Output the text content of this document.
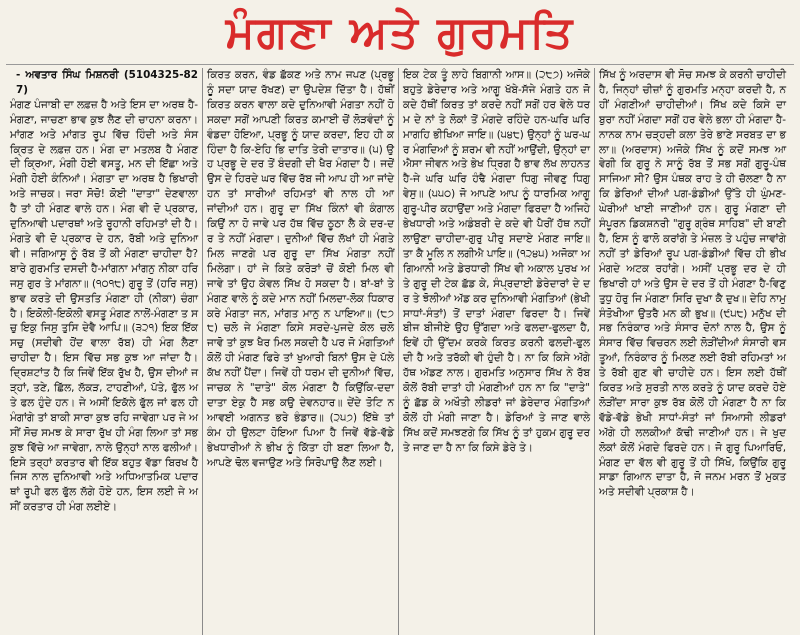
ਮੰਗਣਾ ਅਤੇ ਗੁਰਮਤਿ
- ਅਵਤਾਰ ਸਿੰਘ ਮਿਸ਼ਨਰੀ (5104325-827)
ਮੰਗਣ ਪੰਜਾਬੀ ਦਾ ਲਫ਼ਜ਼ ਹੈ ਅਤੇ ਇਸ ਦਾ ਅਰਥ ਹੈ-ਮੰਗਣਾ, ਜਾਚਣਾ ਭਾਵ ਕੁਝ ਲੈਣ ਦੀ ਚਾਹਨਾ ਕਰਨਾ। ਮਾਂਗਣ ਅਤੇ ਮਾਂਗਤ ਰੂਪ ਵਿੱਚ ਹਿੰਦੀ ਅਤੇ ਸੰਸਕ੍ਰਿਤ ਦੇ ਲਫ਼ਜ਼ ਹਨ। ਮੰਗ ਦਾ ਮਤਲਬ ਹੈ ਮੰਗਣ ਦੀ ਕ੍ਰਿਆ, ਮੰਗੀ ਹੋਈ ਵਸਤੂ, ਮਨ ਦੀ ਇੱਛਾ ਅਤੇ ਮੰਗੀ ਹੋਈ ਕੰਨਿਆਂ। ਮੰਗਤਾ ਦਾ ਅਰਥ ਹੈ ਭਿਖਾਰੀ ਅਤੇ ਜਾਚਕ। ਜਰਾ ਸੋਚੋ! ਕੋਈ "ਦਾਤਾ" ਦੇਣਵਾਲਾ ਹੈ ਤਾਂ ਹੀ ਮੰਗਣ ਵਾਲੇ ਹਨ। ਮੰਗ ਵੀ ਦੋ ਪ੍ਰਕਾਰ, ਦੁਨਿਆਵੀ ਪਦਾਰਥਾਂ ਅਤੇ ਰੂਹਾਨੀ ਰਹਿਮਤਾਂ ਦੀ ਹੈ। ਮੰਗਤੇ ਵੀ ਦੋ ਪ੍ਰਕਾਰ ਦੇ ਹਨ, ਰੱਬੀ ਅਤੇ ਦੁਨਿਆਵੀ। ਜਗਿਆਸੂ ਨੂੰ ਰੱਬ ਤੋਂ ਕੀ ਮੰਗਣਾ ਚਾਹੀਦਾ ਹੈ? ਬਾਰੇ ਗੁਰਮਤਿ ਦਸਦੀ ਹੈ-ਮਾਂਗਨਾ ਮਾਂਗਨੁ ਨੀਕਾ ਹਰਿ ਜਸੁ ਗੁਰ ਤੇ ਮਾਂਗਨਾ॥ (੧੦੧੮) ਗੁਰੂ ਤੋਂ (ਹਰਿ ਜਸੁ) ਭਾਵ ਕਰਤੇ ਦੀ ਉਸਤਤਿ ਮੰਗਣਾ ਹੀ (ਨੀਕਾ) ਚੰਗਾ ਹੈ। ਇਕੋਲੀ-ਇਕੋਲੀ ਵਸਤੂ ਮੰਗਣ ਨਾਲੋਂ-ਮੰਗਣਾ ਤ ਸਚੁ ਇਕੁ ਜਿਸੁ ਤੁਸਿ ਦੇਵੈ ਆਪਿ॥ (੩੨੧) ਇਕ ਇੱਕ ਸਚੁ (ਸਦੀਵੀ ਹੋਂਦ ਵਾਲਾ ਰੱਬ) ਹੀ ਮੰਗ ਲੈਣਾ ਚਾਹੀਦਾ ਹੈ। ਇਸ ਵਿੱਚ ਸਭ ਕੁਝ ਆ ਜਾਂਦਾ ਹੈ। ਦ੍ਰਿਸ਼ਟਾਂਤ ਹੈ ਕਿ ਜਿਵੇਂ ਇੱਕ ਰੁੱਖ ਹੈ, ਉਸ ਦੀਆਂ ਜੜ੍ਹਾਂ, ਤਣੇ, ਛਿੱਲ, ਲੱਕੜ, ਟਾਹਣੀਆਂ, ਪੱਤੇ, ਫੁੱਲ ਅਤੇ ਫਲ ਹੁੰਦੇ ਹਨ। ਜੇ ਅਸੀਂ ਇਕੱਲੇ ਫੁੱਲ ਜਾਂ ਫਲ ਹੀ ਮੰਗਾਂਗੇ ਤਾਂ ਬਾਕੀ ਸਾਰਾ ਕੁਝ ਰਹਿ ਜਾਵੇਗਾ ਪਰ ਜੇ ਅਸੀਂ ਸੋਚ ਸਮਝ ਕੇ ਸਾਰਾ ਰੁੱਖ ਹੀ ਮੰਗ ਲਿਆ ਤਾਂ ਸਭ ਕੁਝ ਵਿੱਚੇ ਆ ਜਾਵੇਗਾ, ਨਾਲੇ ਉਨ੍ਹਾਂ ਨਾਲ ਫਲੀਆਂ। ਇਸੇ ਤਰ੍ਹਾਂ ਕਰਤਾਰ ਵੀ ਇੱਕ ਬਹੁਤ ਵੱਡਾ ਬਿਰਖ ਹੈ ਜਿਸ ਨਾਲ ਦੁਨਿਆਵੀ ਅਤੇ ਅਧਿਆਤਮਿਕ ਪਦਾਰਥਾਂ ਰੂਪੀ ਫਲ ਫੁੱਲ ਲੱਗੇ ਹੋਏ ਹਨ, ਇਸ ਲਈ ਜੇ ਅਸੀਂ ਕਰਤਾਰ ਹੀ ਮੰਗ ਲਈਏ।
ਕਿਰਤ ਕਰਨ, ਵੰਡ ਛੱਕਣ ਅਤੇ ਨਾਮ ਜਪਣ (ਪ੍ਰਭੂ ਨੂੰ ਸਦਾ ਯਾਦ ਰੱਖਣ) ਦਾ ਉਪਦੇਸ਼ ਦਿੱਤਾ ਹੈ। ਹੱਥੀਂ ਕਿਰਤ ਕਰਨ ਵਾਲਾ ਕਦੇ ਦੁਨਿਆਵੀ ਮੰਗਤਾ ਨਹੀਂ ਹੋ ਸਕਦਾ ਸਗੋਂ ਆਪਣੀ ਕਿਰਤ ਕਮਾਈ ਚੋਂ ਲੋੜਵੰਦਾਂ ਨੂੰ ਵੰਡਦਾ ਹੋਇਆ, ਪ੍ਰਭੂ ਨੂੰ ਯਾਦ ਕਰਦਾ, ਇਹ ਹੀ ਕਹਿੰਦਾ ਹੈ ਕਿ-ਏਹਿ ਭਿ ਦਾਤਿ ਤੇਰੀ ਦਾਤਾਰ॥ (੫) ਉਹ ਪ੍ਰਭੂ ਦੇ ਦਰ ਤੋਂ ਬੰਦਗੀ ਦੀ ਖੈਰ ਮੰਗਦਾ ਹੈ। ਜਦੋਂ ਉਸ ਦੇ ਹਿਰਦੇ ਘਰ ਵਿੱਚ ਰੱਬ ਜੀ ਆਪ ਹੀ ਆ ਜਾਂਦੇ ਹਨ ਤਾਂ ਸਾਰੀਆਂ ਰਹਿਮਤਾਂ ਵੀ ਨਾਲ ਹੀ ਆ ਜਾਂਦੀਆਂ ਹਨ। ਗੁਰੂ ਦਾ ਸਿੱਖ ਕਿੰਨਾਂ ਵੀ ਕੰਗਾਲ ਕਿਉਂ ਨਾ ਹੋ ਜਾਵੇ ਪਰ ਹੱਥ ਵਿੱਚ ਠੂਠਾ ਲੈ ਕੇ ਦਰ-ਦਰ ਤੇ ਨਹੀਂ ਮੰਗਦਾ। ਦੁਨੀਆਂ ਵਿੱਚ ਲੱਖਾਂ ਹੀ ਮੰਗਤੇ ਮਿਲ ਜਾਣਗੇ ਪਰ ਗੁਰੂ ਦਾ ਸਿੱਖ ਮੰਗਤਾ ਨਹੀਂ ਮਿਲੇਗਾ। ਹਾਂ ਜੇ ਕਿਤੇ ਕਰੋੜਾਂ ਚੋਂ ਕੋਈ ਮਿਲ ਵੀ ਜਾਵੇ ਤਾਂ ਉਹ ਕੇਵਲ ਸਿੱਖ ਹੋ ਸਕਦਾ ਹੈ। ਬਾਂ-ਬਾਂ ਤੇ ਮੰਗਣ ਵਾਲੇ ਨੂੰ ਕਦੇ ਮਾਨ ਨਹੀਂ ਮਿਲਦਾ-ਲੋਕ ਧਿਕਾਰ ਕਰੇ ਮੰਗਤਾ ਜਨ, ਮਾਂਗਤ ਮਾਨੁ ਨ ਪਾਇਆ॥ (੮੭੮) ਚਲੋ ਜੇ ਮੰਗਣਾ ਕਿਸੇ ਸਰਦੇ-ਪੁਜਦੇ ਕੋਲ ਚਲੋ ਜਾਵੋ ਤਾਂ ਕੁਝ ਖੈਰ ਮਿਲ ਸਕਦੀ ਹੈ ਪਰ ਜੋ ਮੰਗਤਿਆਂ ਕੋਲੋਂ ਹੀ ਮੰਗਣ ਫਿਰੇ ਤਾਂ ਖੁਆਰੀ ਬਿਨਾਂ ਉਸ ਦੇ ਪੱਲੇ ਕੱਖ ਨਹੀਂ ਪੈਂਦਾ। ਜਿਵੇਂ ਹੀ ਧਰਮ ਦੀ ਦੁਨੀਆਂ ਵਿੱਚ, ਜਾਚਕ ਨੇ "ਦਾਤੇ" ਕੋਲ ਮੰਗਣਾ ਹੈ ਕਿਉਂਕਿ-ਦਦਾ ਦਾਤਾ ਏਕੁ ਹੈ ਸਭ ਕਉ ਦੇਵਨਹਾਰ॥ ਦੇਂਦੇ ਤੋਟਿ ਨ ਆਵਈ ਅਗਨਤ ਭਰੇ ਭੰਡਾਰ॥ (੨੫੭) ਇੱਥੇ ਤਾਂ ਕੰਮ ਹੀ ਉਲਟਾ ਹੋਇਆ ਪਿਆ ਹੈ ਜਿਵੇਂ ਵੱਡੇ-ਵੱਡੇ ਭੇਖਧਾਰੀਆਂ ਨੇ ਭੀਖ ਨੂੰ ਕਿੱਤਾ ਹੀ ਬਣਾ ਲਿਆ ਹੈ, ਆਪਣੇ ਢੋਲ ਵਜਾਉਣ ਅਤੇ ਸਿਰੋਪਾਉ ਲੈਣ ਲਈ।
ਇਕ ਟੇਕ ਤੂੰ ਲਾਹੇ ਬਿਗਾਨੀ ਆਸ॥ (੨੮੭) ਅਜੋਕੇ ਬਹੁਤੇ ਡੇਰੇਦਾਰ ਅਤੇ ਆਗੂ ਖੱਬੇ-ਸੱਜੇ ਮੰਗਤੇ ਹਨ ਜੋ ਕਦੇ ਹੱਥੀਂ ਕਿਰਤ ਤਾਂ ਕਰਦੇ ਨਹੀਂ ਸਗੋਂ ਹਰ ਵੇਲੇ ਧਰਮ ਦੇ ਨਾਂ ਤੇ ਲੋਕਾਂ ਤੋਂ ਮੰਗਦੇ ਰਹਿੰਦੇ ਹਨ-ਘਰਿ ਘਰਿ ਮਾਗਹਿ ਭੀਖਿਆ ਜਾਇ॥ (੫੪੮) ਉਨ੍ਹਾਂ ਨੂੰ ਘਰ-ਘਰ ਮੰਗਦਿਆਂ ਨੂੰ ਸ਼ਰਮ ਵੀ ਨਹੀਂ ਆਉਂਦੀ, ਉਨ੍ਹਾਂ ਦਾ ਐਸਾ ਜੀਵਨ ਅਤੇ ਭੇਖ ਧ੍ਰਿਗ ਹੈ ਭਾਵ ਲੱਖ ਲਾਹਨਤ ਹੈ-ਜੇ ਘਰਿ ਘਰਿ ਹੰਢੈ ਮੰਗਦਾ ਧਿਗੁ ਜੀਵਣੁ ਧਿਗੁ ਵੇਸੁ॥ (੫੫੦) ਜੋ ਆਪਣੇ ਆਪ ਨੂੰ ਧਾਰਮਿਕ ਆਗੂ ਗੁਰੂ-ਪੀਰ ਕਹਾਉਂਦਾ ਅਤੇ ਮੰਗਦਾ ਫਿਰਦਾ ਹੈ ਅਜਿਹੇ ਭੇਖਧਾਰੀ ਅਤੇ ਅਡੰਬਰੀ ਦੇ ਕਦੇ ਵੀ ਪੈਰੀਂ ਹੱਥ ਨਹੀਂ ਲਾਉਣਾ ਚਾਹੀਦਾ-ਗੁਰੁ ਪੀਰੁ ਸਦਾਏ ਮੰਗਣ ਜਾਇ॥ ਤਾ ਕੈ ਮੂਲਿ ਨ ਲਗੀਐ ਪਾਇ॥ (੧੨੪੫) ਅਜੋਕਾ ਅਗਿਆਨੀ ਅਤੇ ਡੇਰਧਾਰੀ ਸਿੱਖ ਵੀ ਅਕਾਲ ਪੁਰਖ ਅਤੇ ਗੁਰੂ ਦੀ ਟੇਕ ਛੱਡ ਕੇ, ਸੰਪ੍ਰਦਾਈ ਡੇਰੇਦਾਰਾਂ ਦੇ ਦਰ ਤੇ ਝੋਲੀਆਂ ਅੱਡ ਕਰ ਦੁਨਿਆਵੀ ਮੰਗਤਿਆਂ (ਭੇਖੀ ਸਾਧਾਂ-ਸੰਤਾਂ) ਤੋਂ ਦਾਤਾਂ ਮੰਗਦਾ ਫਿਰਦਾ ਹੈ। ਜਿਵੇਂ ਬੀਜ ਬੀਜੀਏ ਉਹ ਉੱਗਦਾ ਅਤੇ ਫਲਦਾ-ਫੁਲਦਾ ਹੈ, ਇਵੇਂ ਹੀ ਉੱਦਮ ਕਰਕੇ ਕਿਰਤ ਕਰਨੀ ਫਲਦੀ-ਫੁਲਦੀ ਹੈ ਅਤੇ ਤਰੱਕੀ ਵੀ ਹੁੰਦੀ ਹੈ। ਨਾ ਕਿ ਕਿਸੇ ਅੱਗੇ ਹੱਥ ਅੱਡਣ ਨਾਲ। ਗੁਰਮਤਿ ਅਨੁਸਾਰ ਸਿੱਖ ਨੇ ਰੱਬ ਕੋਲੋਂ ਰੱਬੀ ਦਾਤਾਂ ਹੀ ਮੰਗਣੀਆਂ ਹਨ ਨਾ ਕਿ "ਦਾਤੇ" ਨੂੰ ਛੱਡ ਕੇ ਅਖੌਤੀ ਲੀਡਰਾਂ ਜਾਂ ਡੇਰੇਦਾਰ ਮੰਗਤਿਆਂ ਕੋਲੋਂ ਹੀ ਮੰਗੀ ਜਾਣਾ ਹੈ। ਡੇਰਿਆਂ ਤੇ ਜਾਣ ਵਾਲੇ ਸਿੱਖ ਕਦੋਂ ਸਮਝਣਗੇ ਕਿ ਸਿੱਖ ਨੂੰ ਤਾਂ ਹੁਕਮ ਗੁਰੂ ਦਰ ਤੇ ਜਾਣ ਦਾ ਹੈ ਨਾ ਕਿ ਕਿਸੇ ਡੇਰੇ ਤੇ।
ਸਿੱਖ ਨੂੰ ਅਰਦਾਸ ਵੀ ਸੋਚ ਸਮਝ ਕੇ ਕਰਨੀ ਚਾਹੀਦੀ ਹੈ, ਜਿਨ੍ਹਾਂ ਚੀਜ਼ਾਂ ਨੂੰ ਗੁਰਮਤਿ ਮਨ੍ਹਾ ਕਰਦੀ ਹੈ, ਨਹੀਂ ਮੰਗਣੀਆਂ ਚਾਹੀਦੀਆਂ। ਸਿੱਖ ਕਦੇ ਕਿਸੇ ਦਾ ਬੁਰਾ ਨਹੀਂ ਮੰਗਦਾ ਸਗੋਂ ਹਰ ਵੇਲੇ ਭਲਾ ਹੀ ਮੰਗਦਾ ਹੈ-ਨਾਨਕ ਨਾਮ ਚੜ੍ਹਦੀ ਕਲਾ ਤੇਰੇ ਭਾਣੇ ਸਰਬਤ ਦਾ ਭਲਾ॥ (ਅਰਦਾਸ) ਅਜੋਕੇ ਸਿੱਖ ਨੂੰ ਕਦੋਂ ਸਮਝ ਆਵੇਗੀ ਕਿ ਗੁਰੂ ਨੇ ਸਾਨੂੰ ਰੱਬ ਤੋਂ ਸਭ ਸਗੋਂ ਗੁਰੂ-ਪੰਥ ਸਾਜਿਆ ਸੀ? ਉਸ ਪੰਥਕ ਰਾਹ ਤੇ ਹੀ ਚੱਲਣਾ ਹੈ ਨਾ ਕਿ ਡੇਰਿਆਂ ਦੀਆਂ ਪਗ-ਡੰਡੀਆਂ ਉੱਤੇ ਹੀ ਘੁੰਮਣ-ਘੇਰੀਆਂ ਖਾਈ ਜਾਣੀਆਂ ਹਨ। ਗੁਰੂ ਮੰਗਣਾ ਦੀ ਸੰਪੂਰਨ ਡਿਕਸ਼ਨਰੀ "ਗੁਰੂ ਗ੍ਰੰਥ ਸਾਹਿਬ" ਦੀ ਬਾਣੀ ਹੈ, ਇਸ ਨੂੰ ਫਾਲੋ ਕਰਾਂਗੇ ਤੇ ਮੰਜ਼ਲ ਤੇ ਪਹੁੰਚ ਜਾਵਾਂਗੇ ਨਹੀਂ ਤਾਂ ਡੇਰਿਆਂ ਰੂਪ ਪਗ-ਡੰਡੀਆਂ ਵਿੱਚ ਹੀ ਭੀਖ ਮੰਗਦੇ ਅਟਕ ਰਹਾਂਗੇ। ਅਸੀਂ ਪ੍ਰਭੂ ਦਰ ਦੇ ਹੀ ਭਿਖਾਰੀ ਹਾਂ ਅਤੇ ਉਸ ਦੇ ਦਰ ਤੋਂ ਹੀ ਮੰਗਣਾ ਹੈ-ਵਿਣੁ ਤੁਧੁ ਹੋਰੁ ਜਿ ਮੰਗਣਾ ਸਿਰਿ ਦੁਖਾ ਕੈ ਦੁਖ॥ ਦੇਹਿ ਨਾਮੁ ਸੰਤੋਖੀਆ ਉਤਰੈ ਮਨ ਕੀ ਭੁਖ॥ (੯੫੮) ਮਨੁੱਖ ਦੀ ਸਭ ਨਿਰੰਕਾਰ ਅਤੇ ਸੰਸਾਰ ਦੋਨਾਂ ਨਾਲ ਹੈ, ਉਸ ਨੂੰ ਸੰਸਾਰ ਵਿੱਚ ਵਿਚਰਨ ਲਈ ਲੋੜੀਂਦੀਆਂ ਸੰਸਾਰੀ ਵਸਤੂਆਂ, ਨਿਰੰਕਾਰ ਨੂੰ ਮਿਲਣ ਲਈ ਰੱਬੀ ਰਹਿਮਤਾਂ ਅਤੇ ਰੱਬੀ ਗੁਣ ਵੀ ਚਾਹੀਦੇ ਹਨ। ਇਸ ਲਈ ਹੱਥੀਂ ਕਿਰਤ ਅਤੇ ਸੁਰਤੀ ਨਾਲ ਕਰਤੇ ਨੂੰ ਯਾਦ ਕਰਦੇ ਹੋਏ ਲੋੜੀਂਦਾ ਸਾਰਾ ਕੁਝ ਰੱਬ ਕੋਲੋਂ ਹੀ ਮੰਗਣਾ ਹੈ ਨਾ ਕਿ ਵੱਡੇ-ਵੱਡੇ ਭੇਖੀ ਸਾਧਾਂ-ਸੰਤਾਂ ਜਾਂ ਸਿਆਸੀ ਲੀਡਰਾਂ ਅੱਗੇ ਹੀ ਲਲਕੀਆਂ ਕੱਢੀ ਜਾਣੀਆਂ ਹਨ। ਜੇ ਖੁਦ ਲੋਕਾਂ ਕੋਲੋਂ ਮੰਗਦੇ ਫਿਰਦੇ ਹਨ। ਜੋ ਗੁਰੂ ਪਿਆਰਿਓ, ਮੰਗਣ ਦਾ ਵੱਲ ਵੀ ਗੁਰੂ ਤੋਂ ਹੀ ਸਿੱਖੋ, ਕਿਉਂਕਿ ਗੁਰੂ ਸਾਡਾ ਗਿਆਨ ਦਾਤਾ ਹੈ, ਜੋ ਜਨਮ ਮਰਨ ਤੋਂ ਮੁਕਤ ਅਤੇ ਸਦੀਵੀ ਪ੍ਰਕਾਸ਼ ਹੈ।
